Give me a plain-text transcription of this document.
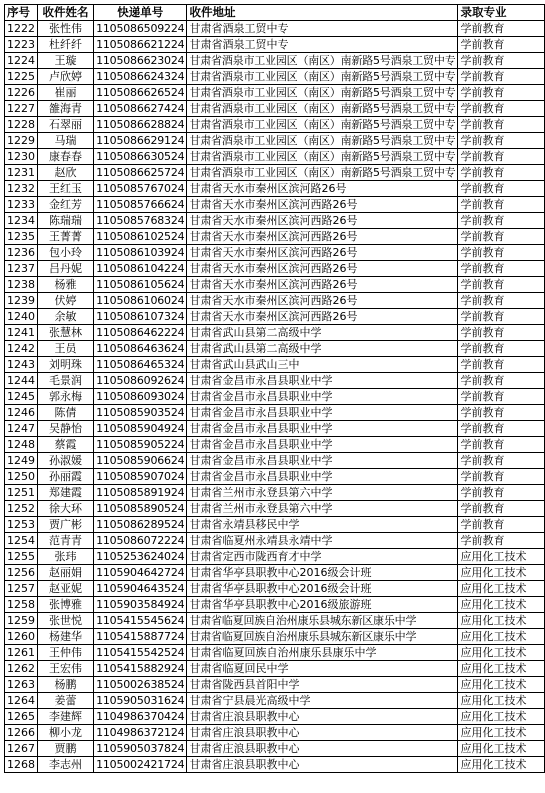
序号	收件姓名	快递单号	收件地址	录取专业
1222	张性伟	1105086509224	甘肃省酒泉工贸中专	学前教育
1223	杜纤纤	1105086621224	甘肃省酒泉工贸中专	学前教育
1224	王璇	1105086623024	甘肃省酒泉市工业园区（南区）南新路5号酒泉工贸中专	学前教育
1225	卢欣婷	1105086624324	甘肃省酒泉市工业园区（南区）南新路5号酒泉工贸中专	学前教育
1226	崔丽	1105086626524	甘肃省酒泉市工业园区（南区）南新路5号酒泉工贸中专	学前教育
1227	雒海青	1105086627424	甘肃省酒泉市工业园区（南区）南新路5号酒泉工贸中专	学前教育
1228	石翠丽	1105086628824	甘肃省酒泉市工业园区（南区）南新路5号酒泉工贸中专	学前教育
1229	马瑞	1105086629124	甘肃省酒泉市工业园区（南区）南新路5号酒泉工贸中专	学前教育
1230	康春春	1105086630524	甘肃省酒泉市工业园区（南区）南新路5号酒泉工贸中专	学前教育
1231	赵欣	1105086625724	甘肃省酒泉市工业园区（南区）南新路5号酒泉工贸中专	学前教育
1232	王红玉	1105085767024	甘肃省天水市秦州区滨河路26号	学前教育
1233	金红芳	1105085766624	甘肃省天水市秦州区滨河西路26号	学前教育
1234	陈瑞瑞	1105085768324	甘肃省天水市秦州区滨河西路26号	学前教育
1235	王菁菁	1105086102524	甘肃省天水市秦州区滨河西路26号	学前教育
1236	包小玲	1105086103924	甘肃省天水市秦州区滨河西路26号	学前教育
1237	吕丹妮	1105086104224	甘肃省天水市秦州区滨河西路26号	学前教育
1238	杨雅	1105086105624	甘肃省天水市秦州区滨河西路26号	学前教育
1239	伏婷	1105086106024	甘肃省天水市秦州区滨河西路26号	学前教育
1240	余敏	1105086107324	甘肃省天水市秦州区滨河西路26号	学前教育
1241	张慧林	1105086462224	甘肃省武山县第二高级中学	学前教育
1242	王员	1105086463624	甘肃省武山县第二高级中学	学前教育
1243	刘明珠	1105086465324	甘肃省武山县武山三中	学前教育
1244	毛景润	1105086092624	甘肃省金昌市永昌县职业中学	学前教育
1245	郭永梅	1105086093024	甘肃省金昌市永昌县职业中学	学前教育
1246	陈倩	1105085903524	甘肃省金昌市永昌县职业中学	学前教育
1247	吴静怡	1105085904924	甘肃省金昌市永昌县职业中学	学前教育
1248	蔡霞	1105085905224	甘肃省金昌市永昌县职业中学	学前教育
1249	孙淑媛	1105085906624	甘肃省金昌市永昌县职业中学	学前教育
1250	孙丽霞	1105085907024	甘肃省金昌市永昌县职业中学	学前教育
1251	郑建霞	1105085891924	甘肃省兰州市永登县第六中学	学前教育
1252	徐大环	1105085890524	甘肃省兰州市永登县第六中学	学前教育
1253	贾广彬	1105086289524	甘肃省永靖县移民中学	学前教育
1254	范青青	1105086072224	甘肃省临夏州永靖县永靖中学	学前教育
1255	张玮	1105253624024	甘肃省定西市陇西育才中学	应用化工技术
1256	赵丽娟	1105904642724	甘肃省华亭县职教中心2016级会计班	应用化工技术
1257	赵亚妮	1105904643524	甘肃省华亭县职教中心2016级会计班	应用化工技术
1258	张博雅	1105903584924	甘肃省华亭县职教中心2016级旅游班	应用化工技术
1259	张世悦	1105415545624	甘肃省临夏回族自治州康乐县城东新区康乐中学	应用化工技术
1260	杨建华	1105415887724	甘肃省临夏回族自治州康乐县城东新区康乐中学	应用化工技术
1261	王仲伟	1105415542524	甘肃省临夏回族自治州康乐县康乐中学	应用化工技术
1262	王宏伟	1105415882924	甘肃省临夏回民中学	应用化工技术
1263	杨鹏	1105002638524	甘肃省陇西县首阳中学	应用化工技术
1264	姜蕾	1105905031624	甘肃省宁县晨光高级中学	应用化工技术
1265	李建辉	1104986370424	甘肃省庄浪县职教中心	应用化工技术
1266	柳小龙	1104986372124	甘肃省庄浪县职教中心	应用化工技术
1267	贾鹏	1105905037824	甘肃省庄浪县职教中心	应用化工技术
1268	李志州	1105002421724	甘肃省庄浪县职教中心	应用化工技术
